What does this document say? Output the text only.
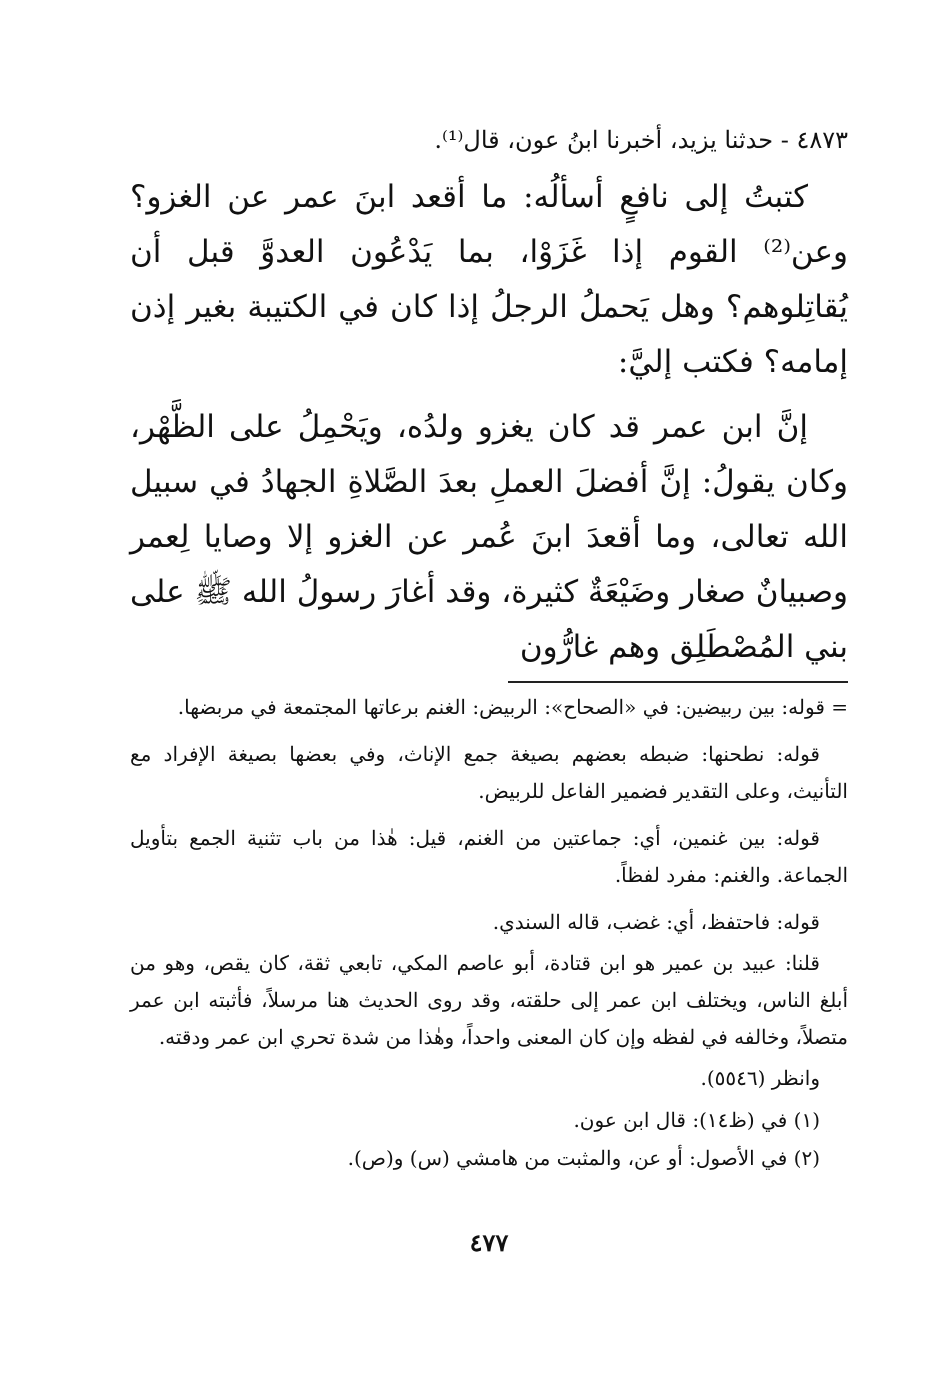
٤٨٧٣ - حدثنا يزيد، أخبرنا ابنُ عون، قال⁽¹⁾.

كتبتُ إلى نافعٍ أسألُه: ما أقعد ابنَ عمر عن الغزو؟ وعن⁽²⁾ القوم إذا غَزَوْا، بما يَدْعُون العدوَّ قبل أن يُقاتِلوهم؟ وهل يَحملُ الرجلُ إذا كان في الكتيبة بغير إذن إمامه؟ فكتب إليَّ:

إنَّ ابن عمر قد كان يغزو ولدُه، ويَحْمِلُ على الظَّهْر، وكان يقولُ: إنَّ أفضلَ العملِ بعدَ الصَّلاةِ الجهادُ في سبيل الله تعالى، وما أقعدَ ابنَ عُمر عن الغزو إلا وصايا لِعمر وصبيانٌ صغار وضَيْعَةٌ كثيرة، وقد أغارَ رسولُ الله ﷺ على بني المُصْطَلِق وهم غارُّون

= قوله: بين ربيضين: في «الصحاح»: الربيض: الغنم برعاتها المجتمعة في مربضها.

قوله: نطحنها: ضبطه بعضهم بصيغة جمع الإناث، وفي بعضها بصيغة الإفراد مع التأنيث، وعلى التقدير فضمير الفاعل للربيض.

قوله: بين غنمين، أي: جماعتين من الغنم، قيل: هٰذا من باب تثنية الجمع بتأويل الجماعة. والغنم: مفرد لفظاً.

قوله: فاحتفظ، أي: غضب، قاله السندي.

قلنا: عبيد بن عمير هو ابن قتادة، أبو عاصم المكي، تابعي ثقة، كان يقص، وهو من أبلغ الناس، ويختلف ابن عمر إلى حلقته، وقد روى الحديث هنا مرسلاً، فأثبته ابن عمر متصلاً، وخالفه في لفظه وإن كان المعنى واحداً، وهٰذا من شدة تحري ابن عمر ودقته.

وانظر (٥٥٤٦).

(١) في (ظ١٤): قال ابن عون.
(٢) في الأصول: أو عن، والمثبت من هامشي (س) و(ص).
٤٧٧
